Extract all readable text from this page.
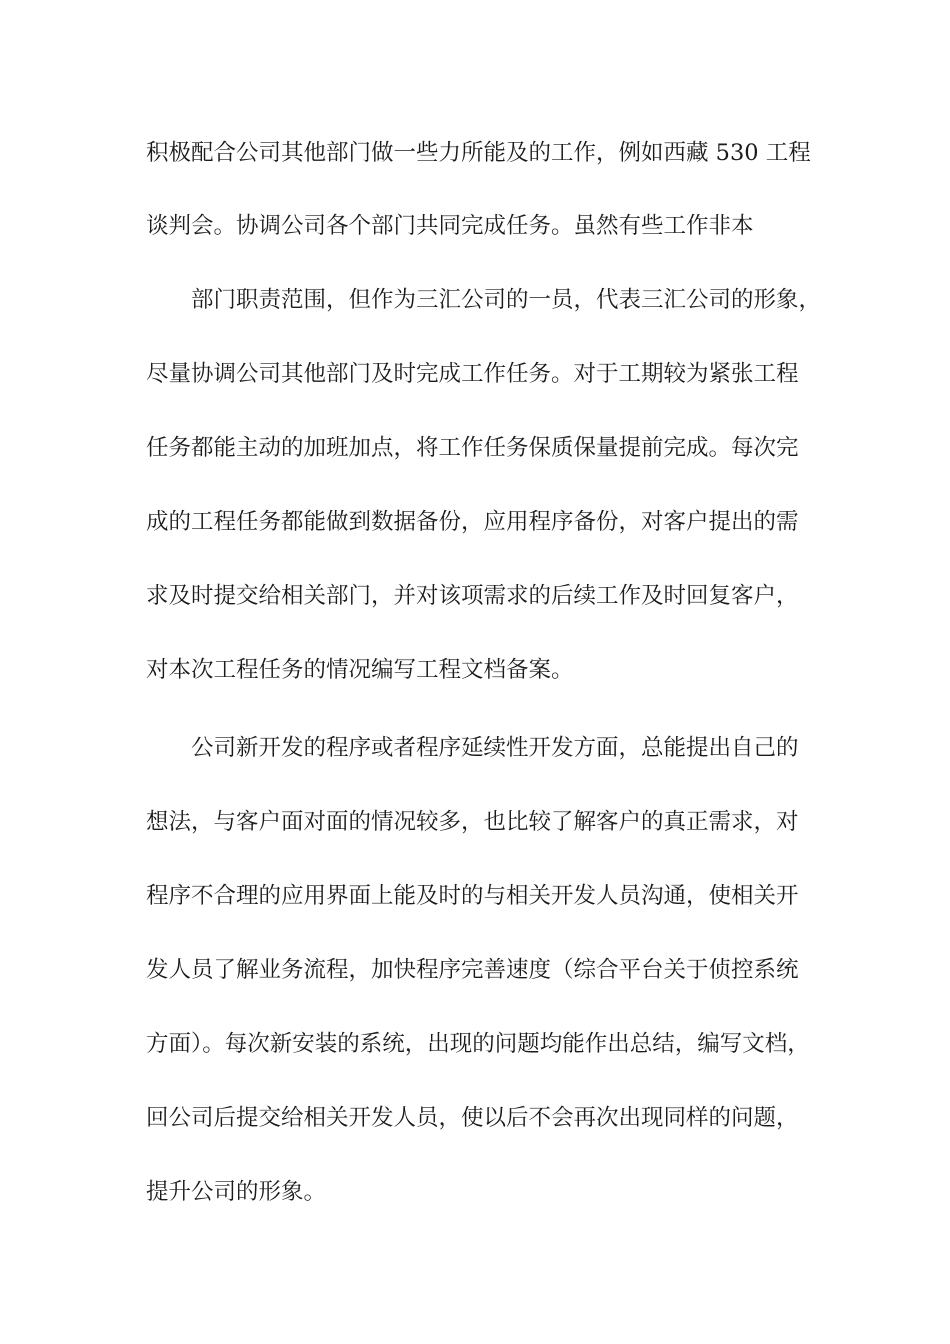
积极配合公司其他部门做一些力所能及的工作，例如西藏 530 工程

谈判会。协调公司各个部门共同完成任务。虽然有些工作非本

部门职责范围，但作为三汇公司的一员，代表三汇公司的形象，

尽量协调公司其他部门及时完成工作任务。对于工期较为紧张工程

任务都能主动的加班加点，将工作任务保质保量提前完成。每次完

成的工程任务都能做到数据备份，应用程序备份，对客户提出的需

求及时提交给相关部门，并对该项需求的后续工作及时回复客户，

对本次工程任务的情况编写工程文档备案。

公司新开发的程序或者程序延续性开发方面，总能提出自己的

想法，与客户面对面的情况较多，也比较了解客户的真正需求，对

程序不合理的应用界面上能及时的与相关开发人员沟通，使相关开

发人员了解业务流程，加快程序完善速度（综合平台关于侦控系统

方面）。每次新安装的系统，出现的问题均能作出总结，编写文档，

回公司后提交给相关开发人员，使以后不会再次出现同样的问题，

提升公司的形象。
